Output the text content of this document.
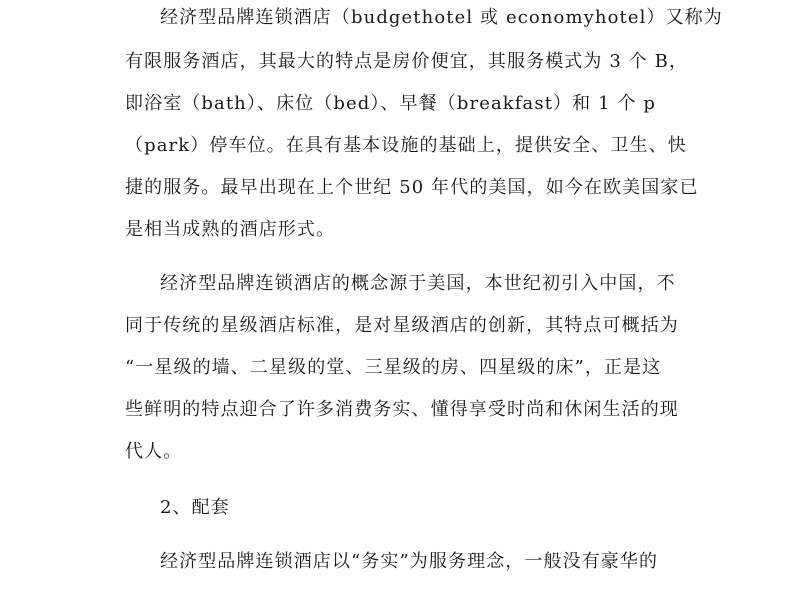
经济型品牌连锁酒店（budgethotel 或 economyhotel）又称为
有限服务酒店，其最大的特点是房价便宜，其服务模式为 3 个 B，
即浴室（bath）、床位（bed）、早餐（breakfast）和 1 个 p
（park）停车位。在具有基本设施的基础上，提供安全、卫生、快
捷的服务。最早出现在上个世纪 50 年代的美国，如今在欧美国家已
是相当成熟的酒店形式。
经济型品牌连锁酒店的概念源于美国，本世纪初引入中国，不
同于传统的星级酒店标准，是对星级酒店的创新，其特点可概括为
“一星级的墙、二星级的堂、三星级的房、四星级的床”，正是这
些鲜明的特点迎合了许多消费务实、懂得享受时尚和休闲生活的现
代人。
2、配套
经济型品牌连锁酒店以“务实”为服务理念，一般没有豪华的
